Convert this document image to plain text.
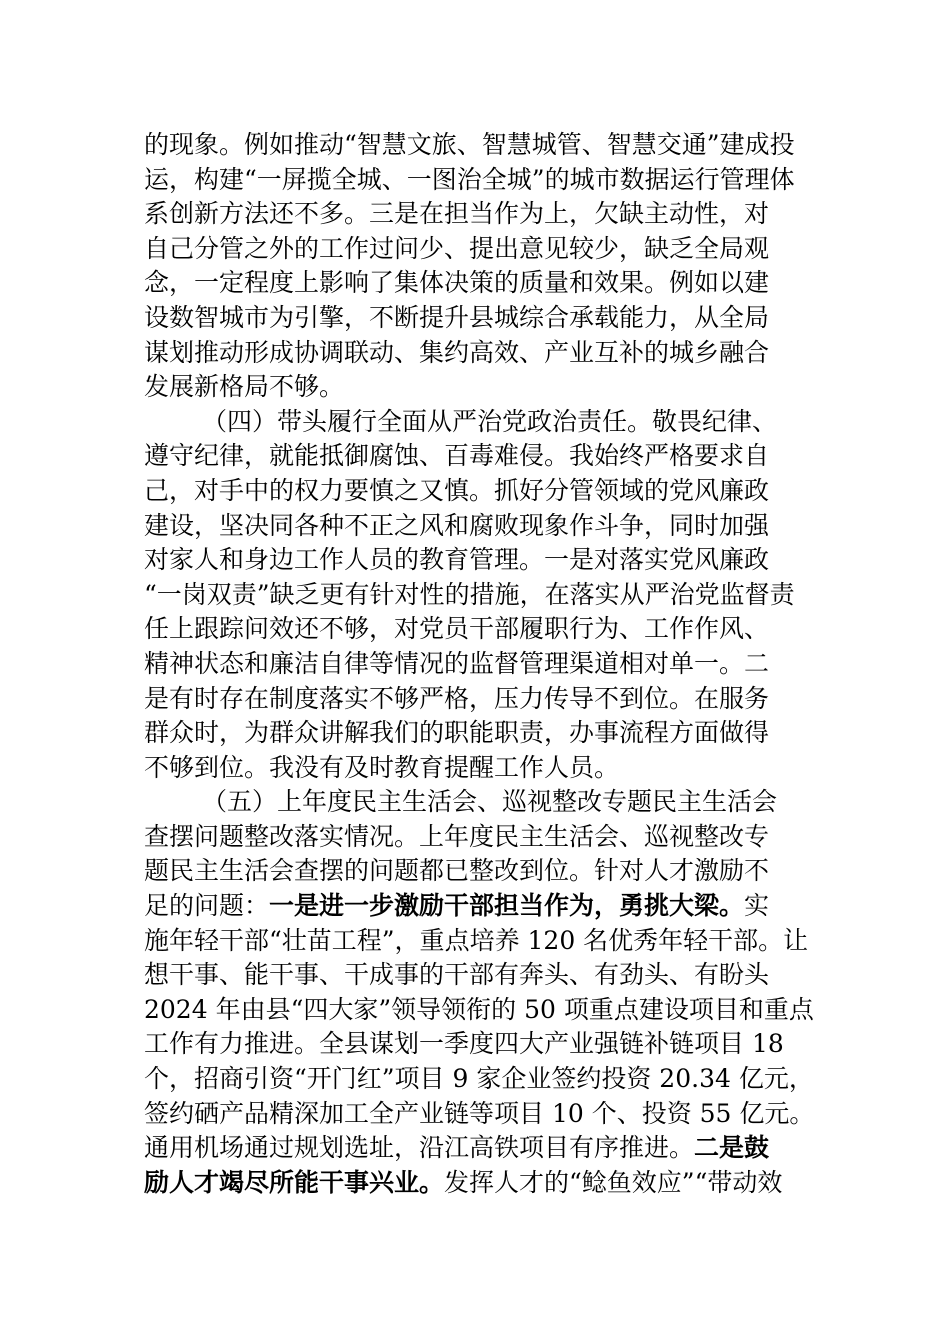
的现象。例如推动“智慧文旅、智慧城管、智慧交通”建成投
运，构建“一屏揽全城、一图治全城”的城市数据运行管理体
系创新方法还不多。三是在担当作为上，欠缺主动性，对
自己分管之外的工作过问少、提出意见较少，缺乏全局观
念，一定程度上影响了集体决策的质量和效果。例如以建
设数智城市为引擎，不断提升县城综合承载能力，从全局
谋划推动形成协调联动、集约高效、产业互补的城乡融合
发展新格局不够。
（四）带头履行全面从严治党政治责任。敬畏纪律、
遵守纪律，就能抵御腐蚀、百毒难侵。我始终严格要求自
己，对手中的权力要慎之又慎。抓好分管领域的党风廉政
建设，坚决同各种不正之风和腐败现象作斗争，同时加强
对家人和身边工作人员的教育管理。一是对落实党风廉政
“一岗双责”缺乏更有针对性的措施，在落实从严治党监督责
任上跟踪问效还不够，对党员干部履职行为、工作作风、
精神状态和廉洁自律等情况的监督管理渠道相对单一。二
是有时存在制度落实不够严格，压力传导不到位。在服务
群众时，为群众讲解我们的职能职责，办事流程方面做得
不够到位。我没有及时教育提醒工作人员。
（五）上年度民主生活会、巡视整改专题民主生活会
查摆问题整改落实情况。上年度民主生活会、巡视整改专
题民主生活会查摆的问题都已整改到位。针对人才激励不
足的问题：一是进一步激励干部担当作为，勇挑大梁。实
施年轻干部“壮苗工程”，重点培养 120 名优秀年轻干部。让
想干事、能干事、干成事的干部有奔头、有劲头、有盼头
2024 年由县“四大家”领导领衔的 50 项重点建设项目和重点
工作有力推进。全县谋划一季度四大产业强链补链项目 18
个，招商引资“开门红”项目 9 家企业签约投资 20.34 亿元，
签约硒产品精深加工全产业链等项目 10 个、投资 55 亿元。
通用机场通过规划选址，沿江高铁项目有序推进。二是鼓
励人才竭尽所能干事兴业。发挥人才的“鲶鱼效应”“带动效
